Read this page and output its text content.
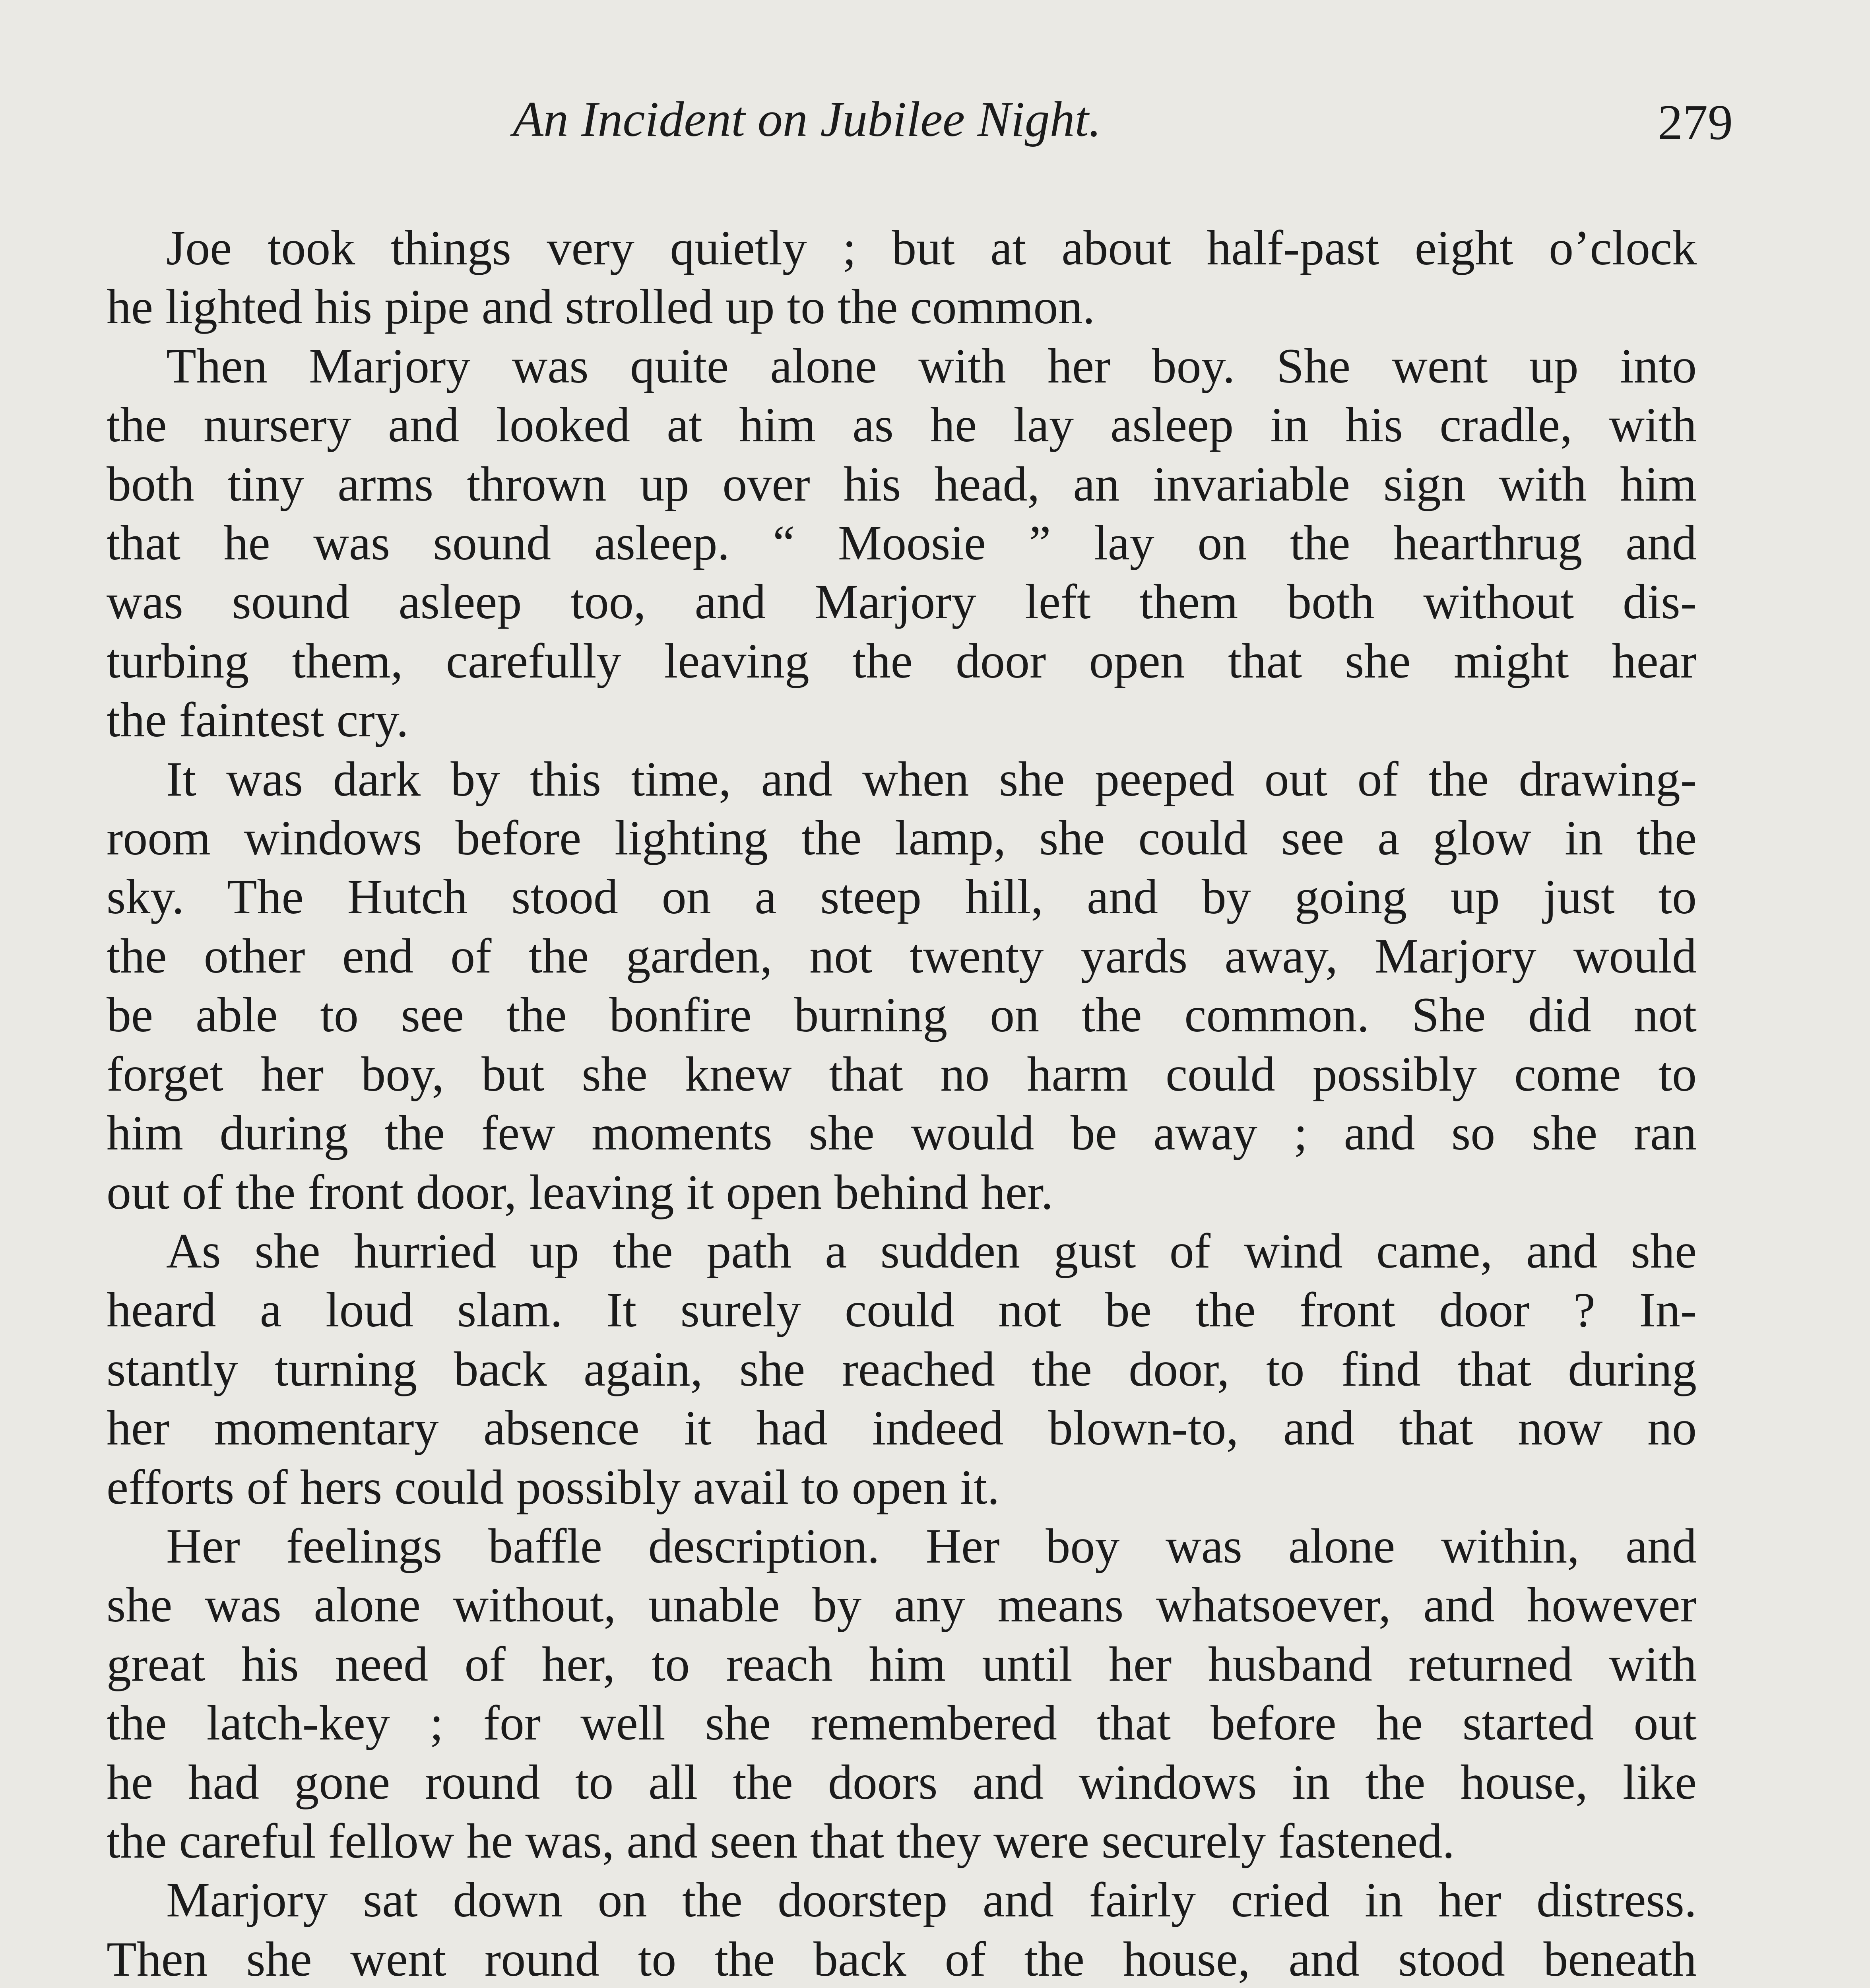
An Incident on Jubilee Night.	279
Joe took things very quietly ; but at about half-past eight o’clock
he lighted his pipe and strolled up to the common.
Then Marjory was quite alone with her boy. She went up into
the nursery and looked at him as he lay asleep in his cradle, with
both tiny arms thrown up over his head, an invariable sign with him
that he was sound asleep. “ Moosie ” lay on the hearthrug and
was sound asleep too, and Marjory left them both without dis-
turbing them, carefully leaving the door open that she might hear
the faintest cry.
It was dark by this time, and when she peeped out of the drawing-
room windows before lighting the lamp, she could see a glow in the
sky. The Hutch stood on a steep hill, and by going up just to
the other end of the garden, not twenty yards away, Marjory would
be able to see the bonfire burning on the common. She did not
forget her boy, but she knew that no harm could possibly come to
him during the few moments she would be away ; and so she ran
out of the front door, leaving it open behind her.
As she hurried up the path a sudden gust of wind came, and she
heard a loud slam. It surely could not be the front door ? In-
stantly turning back again, she reached the door, to find that during
her momentary absence it had indeed blown-to, and that now no
efforts of hers could possibly avail to open it.
Her feelings baffle description. Her boy was alone within, and
she was alone without, unable by any means whatsoever, and however
great his need of her, to reach him until her husband returned with
the latch-key ; for well she remembered that before he started out
he had gone round to all the doors and windows in the house, like
the careful fellow he was, and seen that they were securely fastened.
Marjory sat down on the doorstep and fairly cried in her distress.
Then she went round to the back of the house, and stood beneath
